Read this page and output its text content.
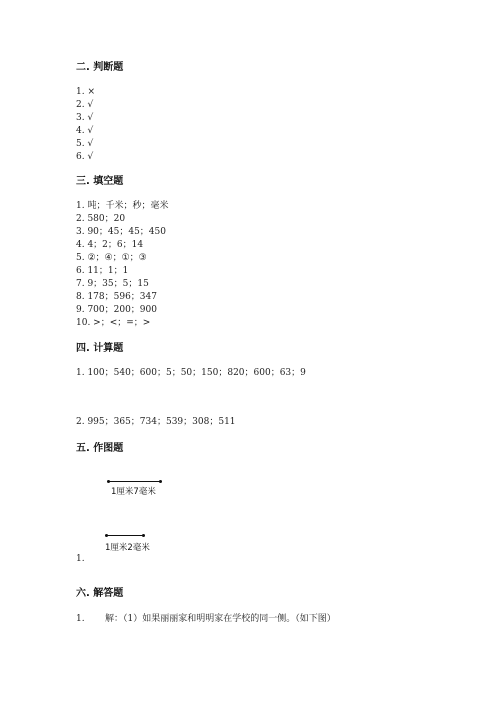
二. 判断题
1. ×
2. √
3. √
4. √
5. √
6. √
三. 填空题
1. 吨；千米；秒；毫米
2. 580；20
3. 90；45；45；450
4. 4；2；6；14
5. ②；④；①；③
6. 11；1；1
7. 9；35；5；15
8. 178；596；347
9. 700；200；900
10. >；<；=；>
四. 计算题
1. 100；540；600；5；50；150；820；600；63；9
2. 995；365；734；539；308；511
五. 作图题
1厘米7毫米
1厘米2毫米
1.
六. 解答题
1. 解：（1）如果丽丽家和明明家在学校的同一侧。（如下图）
